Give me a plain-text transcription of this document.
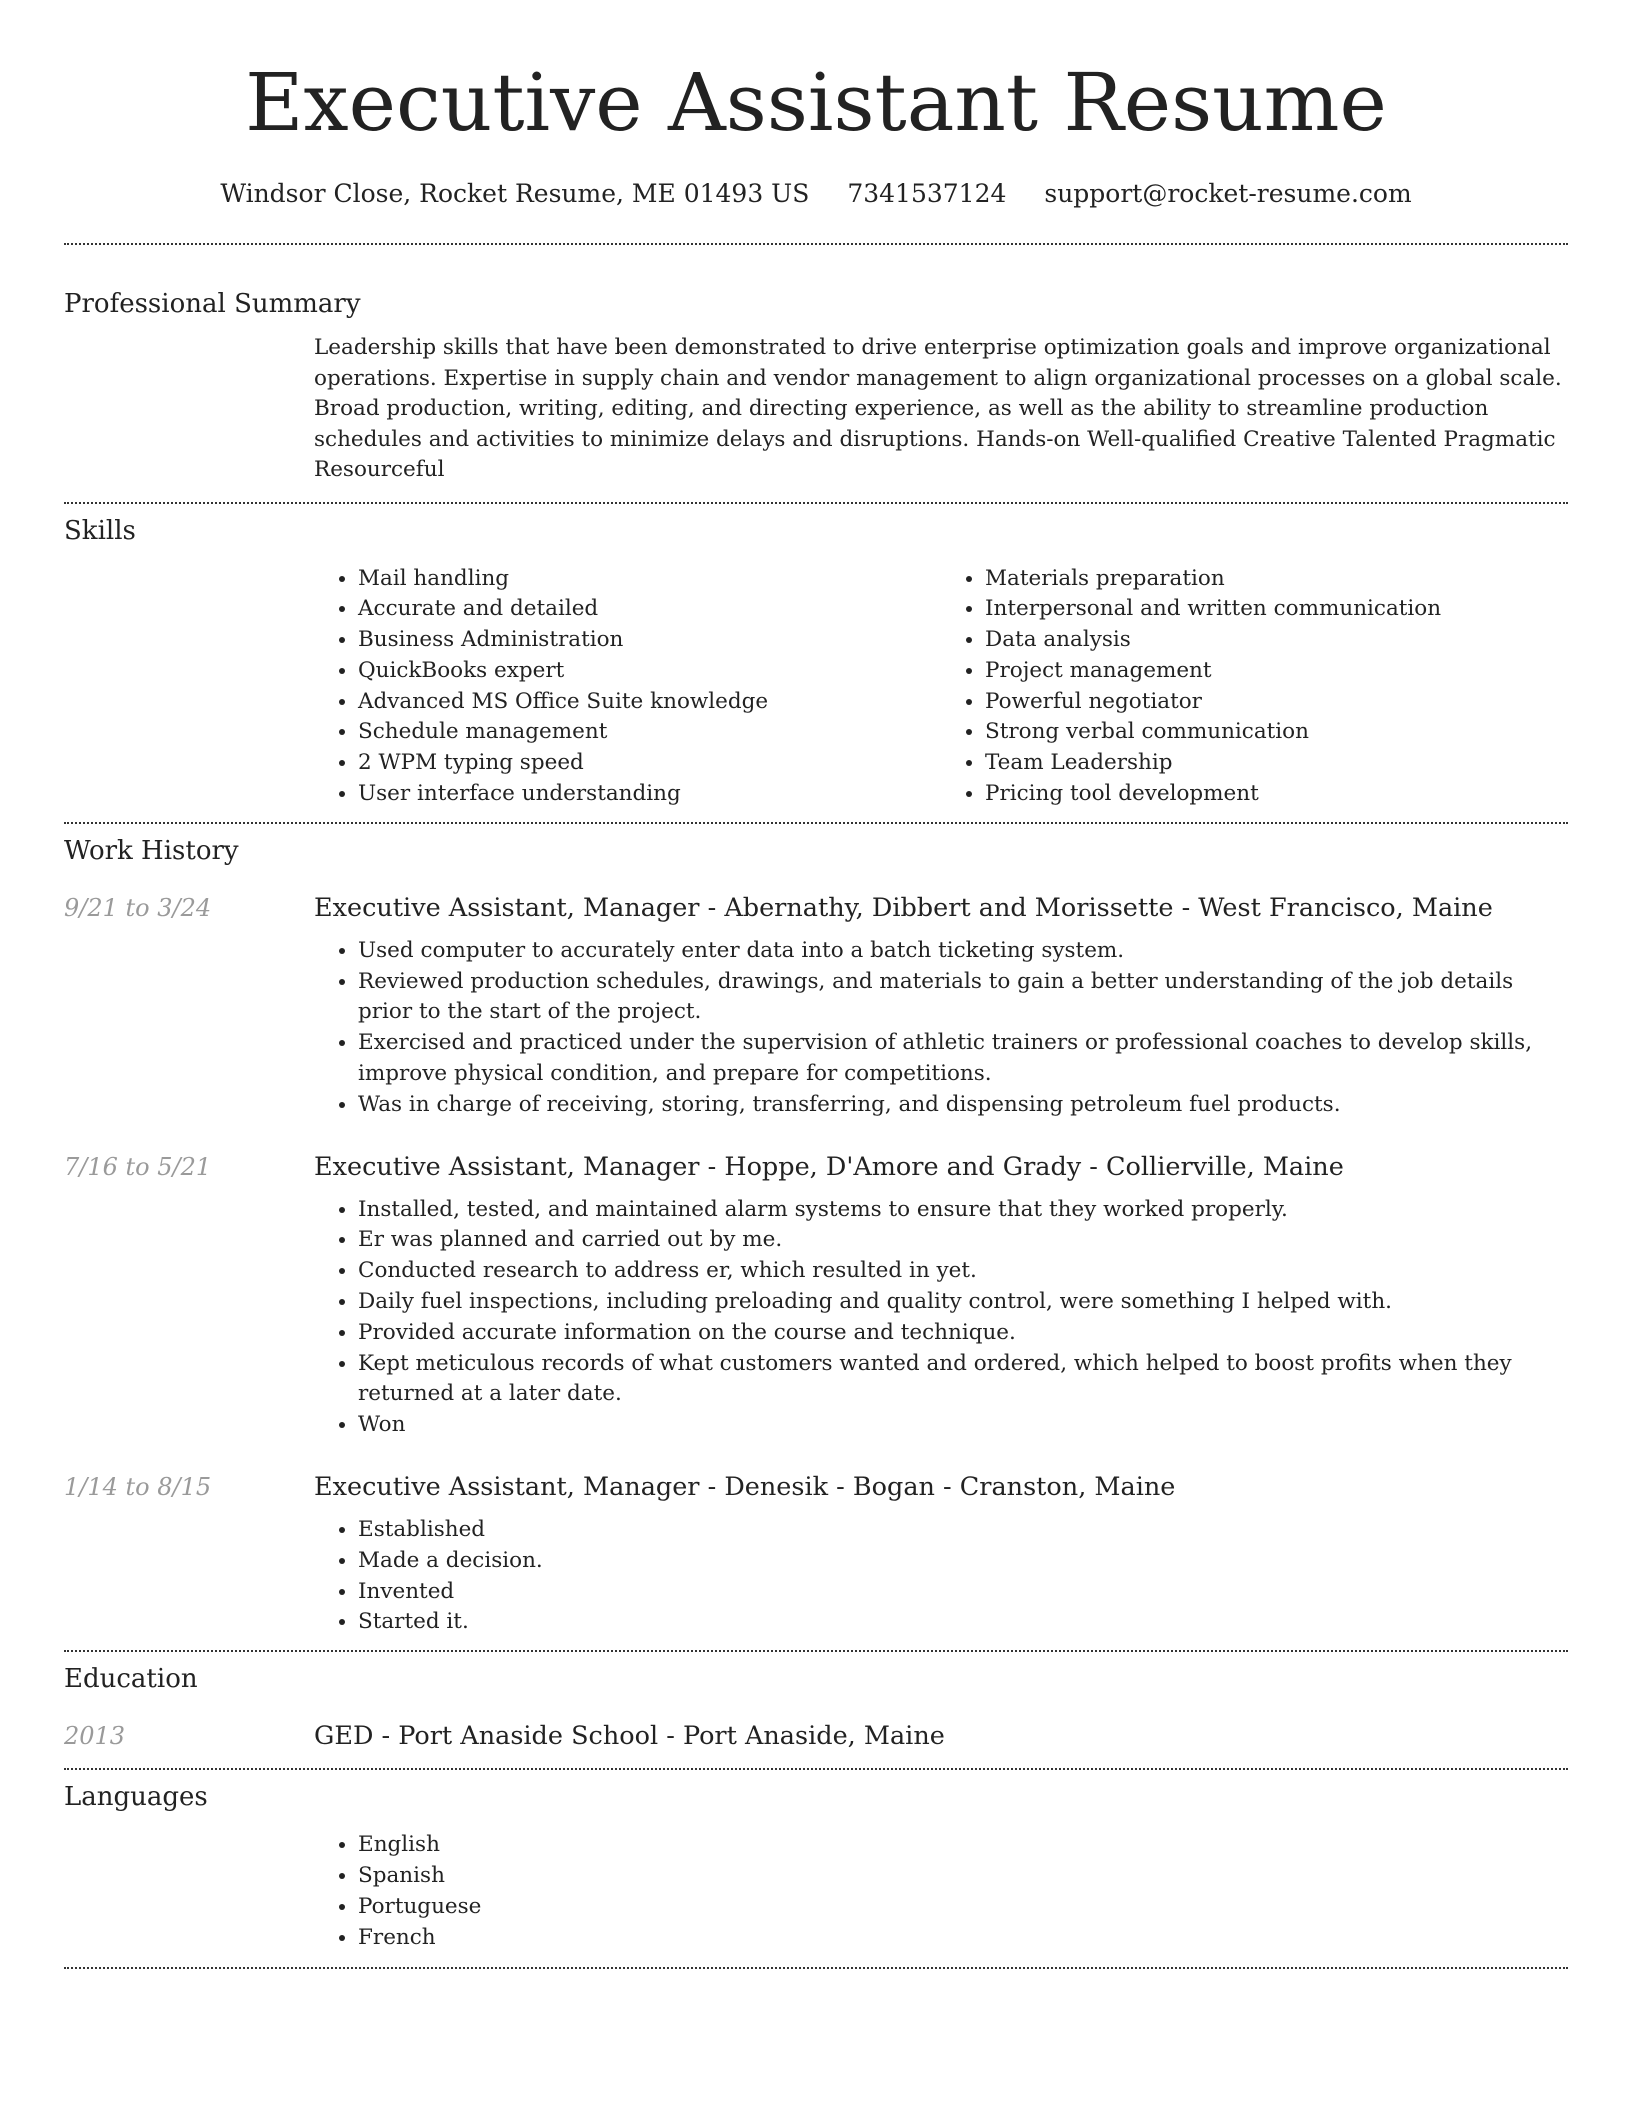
Executive Assistant Resume
Windsor Close, Rocket Resume, ME 01493 US 7341537124 support@rocket-resume.com
Professional Summary

Leadership skills that have been demonstrated to drive enterprise optimization goals and improve organizational operations. Expertise in supply chain and vendor management to align organizational processes on a global scale. Broad production, writing, editing, and directing experience, as well as the ability to streamline production schedules and activities to minimize delays and disruptions. Hands-on Well-qualified Creative Talented Pragmatic Resourceful

Skills
• Mail handling
• Accurate and detailed
• Business Administration
• QuickBooks expert
• Advanced MS Office Suite knowledge
• Schedule management
• 2 WPM typing speed
• User interface understanding
• Materials preparation
• Interpersonal and written communication
• Data analysis
• Project management
• Powerful negotiator
• Strong verbal communication
• Team Leadership
• Pricing tool development
Work History
9/21 to 3/24	Executive Assistant, Manager - Abernathy, Dibbert and Morissette - West Francisco, Maine
• Used computer to accurately enter data into a batch ticketing system.
• Reviewed production schedules, drawings, and materials to gain a better understanding of the job details prior to the start of the project.
• Exercised and practiced under the supervision of athletic trainers or professional coaches to develop skills, improve physical condition, and prepare for competitions.
• Was in charge of receiving, storing, transferring, and dispensing petroleum fuel products.
7/16 to 5/21	Executive Assistant, Manager - Hoppe, D'Amore and Grady - Collierville, Maine
• Installed, tested, and maintained alarm systems to ensure that they worked properly.
• Er was planned and carried out by me.
• Conducted research to address er, which resulted in yet.
• Daily fuel inspections, including preloading and quality control, were something I helped with.
• Provided accurate information on the course and technique.
• Kept meticulous records of what customers wanted and ordered, which helped to boost profits when they returned at a later date.
• Won
1/14 to 8/15	Executive Assistant, Manager - Denesik - Bogan - Cranston, Maine
• Established
• Made a decision.
• Invented
• Started it.
Education
2013	GED - Port Anaside School - Port Anaside, Maine
Languages
• English
• Spanish
• Portuguese
• French
